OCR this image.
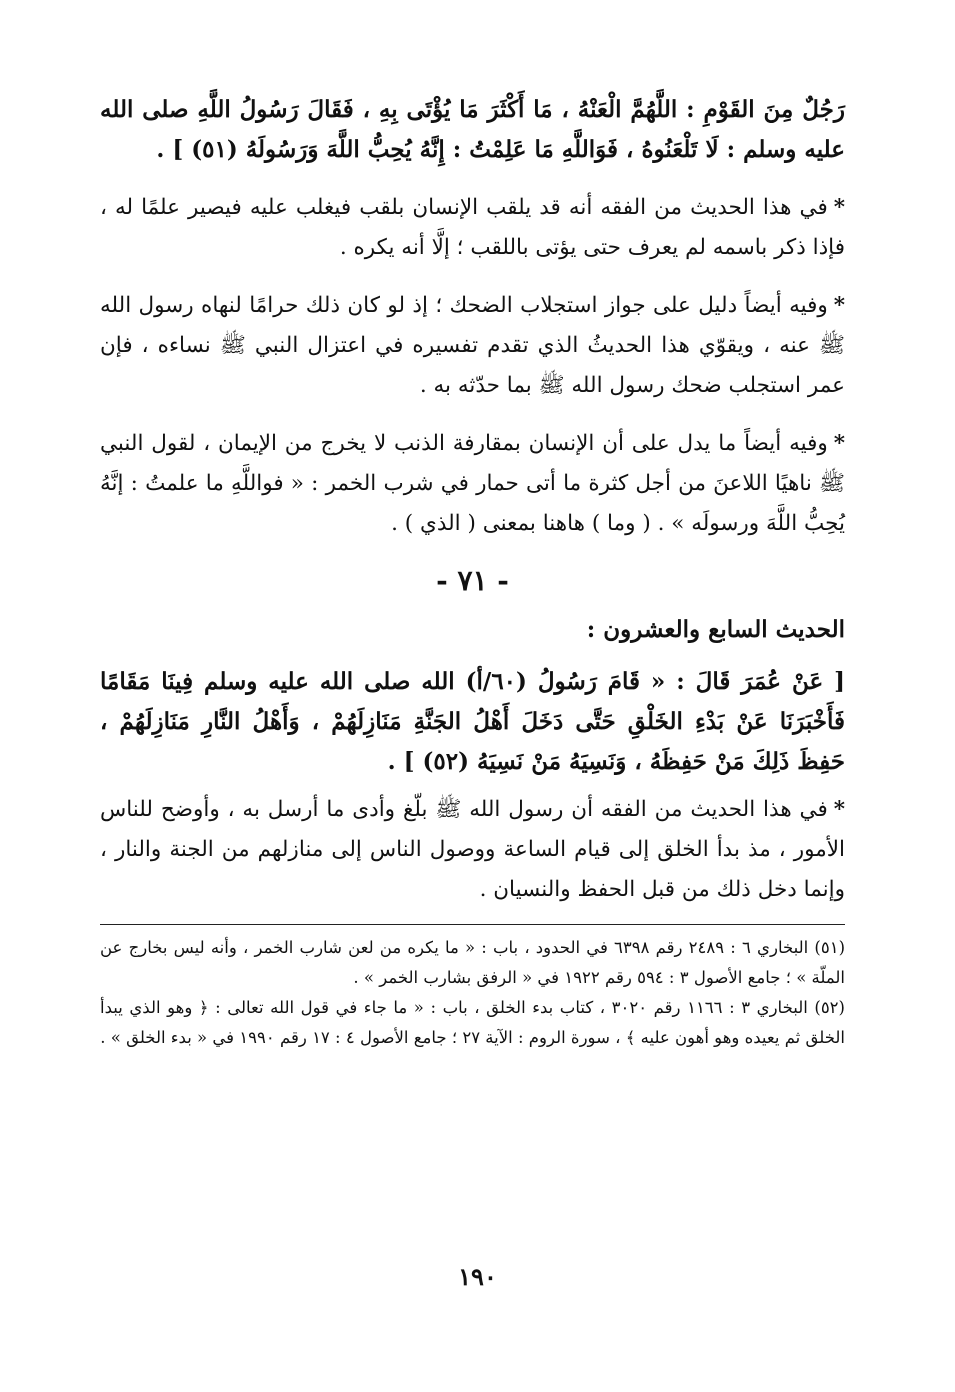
رَجُلٌ مِنَ القَوْمِ : اللَّهُمَّ الْعَنْهُ ، مَا أَكْثَرَ مَا يُؤْتَى بِهِ ، فَقَالَ رَسُولُ اللَّهِ صلى الله عليه وسلم : لَا تَلْعَنُوهُ ، فَوَاللَّهِ مَا عَلِمْتُ : إِنَّهُ يُحِبُّ اللَّهَ وَرَسُولَهُ (٥١) ] .

* في هذا الحديث من الفقه أنه قد يلقب الإنسان بلقب فيغلب عليه فيصير علمًا له ، فإذا ذكر باسمه لم يعرف حتى يؤتى باللقب ؛ إلَّا أنه يكره .

* وفيه أيضاً دليل على جواز استجلاب الضحك ؛ إذ لو كان ذلك حرامًا لنهاه رسول الله ﷺ عنه ، ويقوّي هذا الحديثُ الذي تقدم تفسيره في اعتزال النبي ﷺ نساءه ، فإن عمر استجلب ضحك رسول الله ﷺ بما حدّثه به .

* وفيه أيضاً ما يدل على أن الإنسان بمقارفة الذنب لا يخرج من الإيمان ، لقول النبي ﷺ ناهيًا اللاعنَ من أجل كثرة ما أتى حمار في شرب الخمر : « فواللَّهِ ما علمتُ : إنَّهُ يُحِبُّ اللَّهَ ورسولَه » . ( وما ) هاهنا بمعنى ( الذي ) .

- ٧١ -
الحديث السابع والعشرون :

[ عَنْ عُمَرَ قَالَ : « قَامَ رَسُولُ (٦٠/أ) الله صلى الله عليه وسلم فِينَا مَقَامًا فَأَخْبَرَنَا عَنْ بَدْءِ الخَلْقِ حَتَّى دَخَلَ أَهْلُ الجَنَّةِ مَنَازِلَهُمْ ، وَأَهْلُ النَّارِ مَنَازِلَهُمْ ، حَفِظَ ذَلِكَ مَنْ حَفِظَهُ ، وَنَسِيَهُ مَنْ نَسِيَهُ (٥٢) ] .

* في هذا الحديث من الفقه أن رسول الله ﷺ بلّغ وأدى ما أرسل به ، وأوضح للناس الأمور ، مذ بدأ الخلق إلى قيام الساعة ووصول الناس إلى منازلهم من الجنة والنار ، وإنما دخل ذلك من قبل الحفظ والنسيان .

(٥١) البخاري ٦ : ٢٤٨٩ رقم ٦٣٩٨ في الحدود ، باب : « ما يكره من لعن شارب الخمر ، وأنه ليس بخارج عن الملّة » ؛ جامع الأصول ٣ : ٥٩٤ رقم ١٩٢٢ في « الرفق بشارب الخمر » .

(٥٢) البخاري ٣ : ١١٦٦ رقم ٣٠٢٠ ، كتاب بدء الخلق ، باب : « ما جاء في قول الله تعالى : ﴿ وهو الذي يبدأ الخلق ثم يعيده وهو أهون عليه ﴾ ، سورة الروم : الآية ٢٧ ؛ جامع الأصول ٤ : ١٧ رقم ١٩٩٠ في « بدء الخلق » .

١٩٠
